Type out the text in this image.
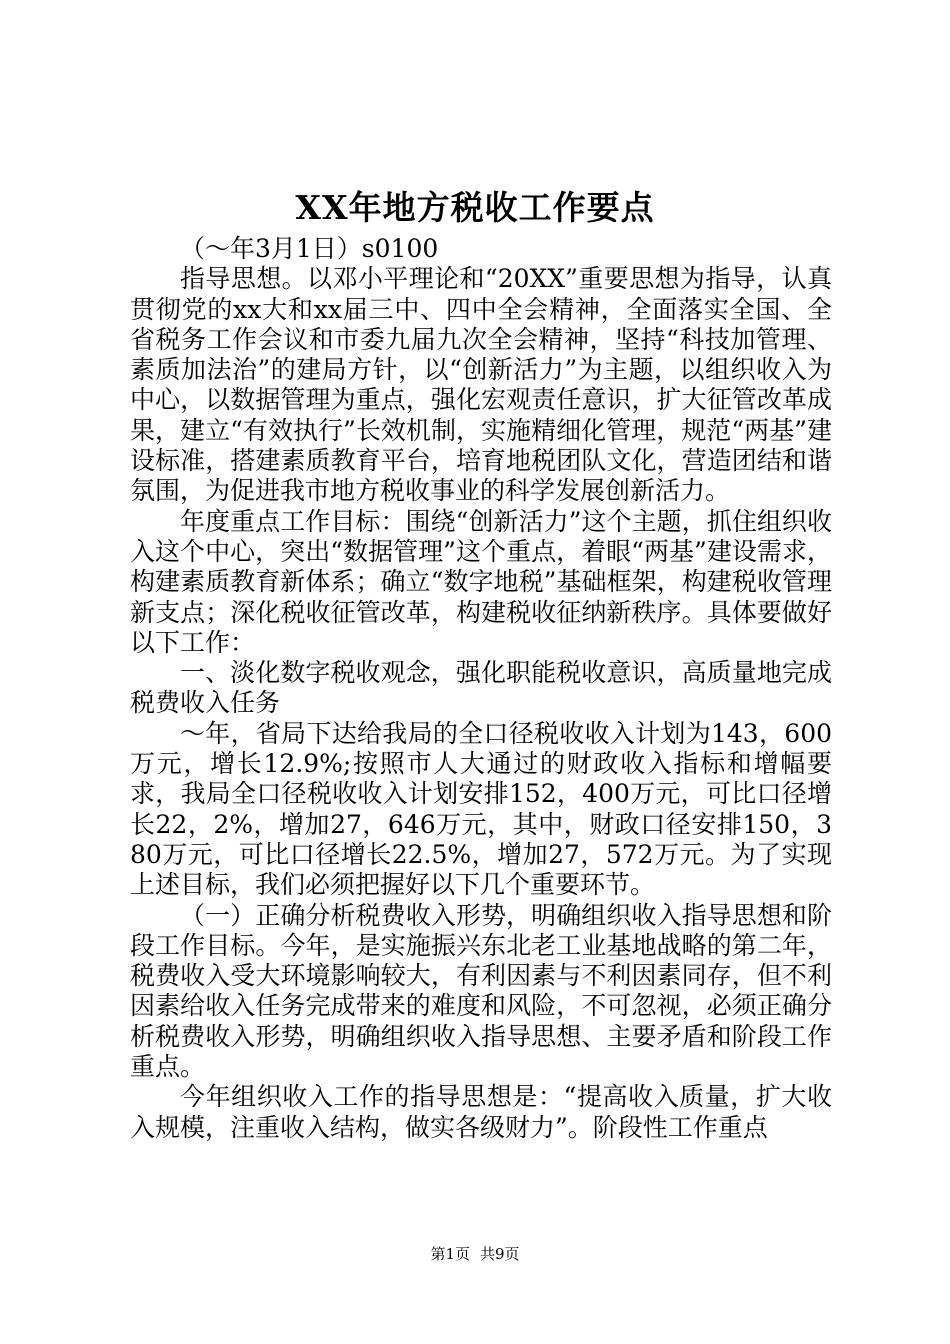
XX年地方税收工作要点

（～年3月1日）s0100

指导思想。以邓小平理论和“20XX”重要思想为指导，认真贯彻党的xx大和xx届三中、四中全会精神，全面落实全国、全省税务工作会议和市委九届九次全会精神，坚持“科技加管理、素质加法治”的建局方针，以“创新活力”为主题，以组织收入为中心，以数据管理为重点，强化宏观责任意识，扩大征管改革成果，建立“有效执行”长效机制，实施精细化管理，规范“两基”建设标准，搭建素质教育平台，培育地税团队文化，营造团结和谐氛围，为促进我市地方税收事业的科学发展创新活力。

年度重点工作目标：围绕“创新活力”这个主题，抓住组织收入这个中心，突出“数据管理”这个重点，着眼“两基”建设需求，构建素质教育新体系；确立“数字地税”基础框架，构建税收管理新支点；深化税收征管改革，构建税收征纳新秩序。具体要做好以下工作：

一、淡化数字税收观念，强化职能税收意识，高质量地完成税费收入任务

～年，省局下达给我局的全口径税收收入计划为143，600万元，增长12.9%;按照市人大通过的财政收入指标和增幅要求，我局全口径税收收入计划安排152，400万元，可比口径增长22，2%，增加27，646万元，其中，财政口径安排150，380万元，可比口径增长22.5%，增加27，572万元。为了实现上述目标，我们必须把握好以下几个重要环节。

（一）正确分析税费收入形势，明确组织收入指导思想和阶段工作目标。今年，是实施振兴东北老工业基地战略的第二年，税费收入受大环境影响较大，有利因素与不利因素同存，但不利因素给收入任务完成带来的难度和风险，不可忽视，必须正确分析税费收入形势，明确组织收入指导思想、主要矛盾和阶段工作重点。

今年组织收入工作的指导思想是：“提高收入质量，扩大收入规模，注重收入结构，做实各级财力”。阶段性工作重点

第1页 共9页
